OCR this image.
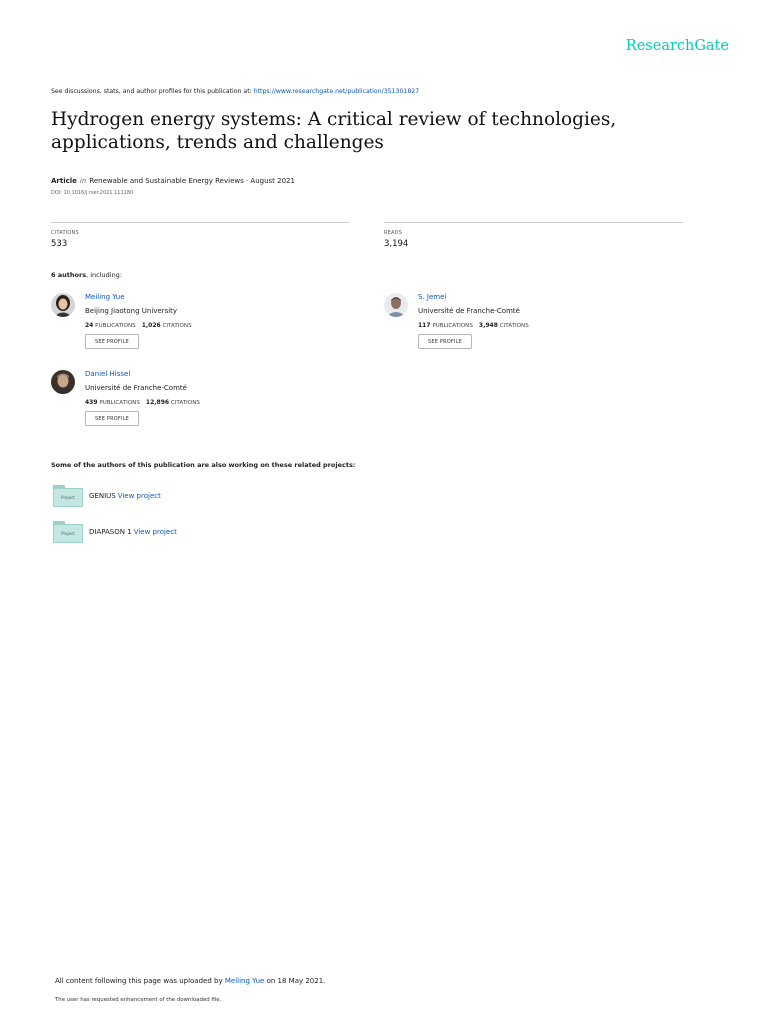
ResearchGate
See discussions, stats, and author profiles for this publication at: https://www.researchgate.net/publication/351301827
Hydrogen energy systems: A critical review of technologies, applications, trends and challenges
Article in Renewable and Sustainable Energy Reviews · August 2021
DOI: 10.1016/j.rser.2021.111180
CITATIONS
533
READS
3,194
6 authors, including:
Meiling Yue
Beijing Jiaotong University
24 PUBLICATIONS 1,026 CITATIONS
SEE PROFILE
S. Jemei
Université de Franche-Comté
117 PUBLICATIONS 3,948 CITATIONS
SEE PROFILE
Daniel Hissel
Université de Franche-Comté
439 PUBLICATIONS 12,896 CITATIONS
SEE PROFILE
Some of the authors of this publication are also working on these related projects:
Project	GENIUS View project
Project	DIAPASON 1 View project
All content following this page was uploaded by Meiling Yue on 18 May 2021.
The user has requested enhancement of the downloaded file.
